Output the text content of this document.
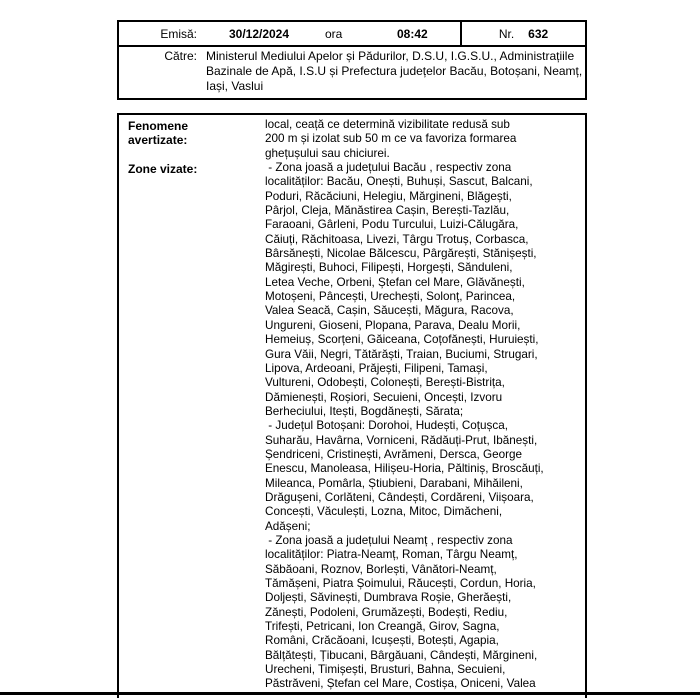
Emisă:	30/12/2024	ora	08:42	Nr. 632
Către: Ministerul Mediului Apelor și Pădurilor, D.S.U, I.G.S.U., Administrațiile Bazinale de Apă, I.S.U și Prefectura județelor Bacău, Botoșani, Neamț, Iași, Vaslui
Fenomene avertizate:
local, ceață ce determină vizibilitate redusă sub
200 m și izolat sub 50 m ce va favoriza formarea
ghețușului sau chiciurei.
Zone vizate:	- Zona joasă a județului Bacău , respectiv zona
localităților: Bacău, Onești, Buhuși, Sascut, Balcani,
Poduri, Răcăciuni, Helegiu, Mărgineni, Blăgești,
Pârjol, Cleja, Mănăstirea Cașin, Berești-Tazlău,
Faraoani, Gârleni, Podu Turcului, Luizi-Călugăra,
Căiuți, Răchitoasa, Livezi, Târgu Trotuș, Corbasca,
Bârsănești, Nicolae Bălcescu, Pârgărești, Stănișești,
Măgirești, Buhoci, Filipești, Horgești, Sănduleni,
Letea Veche, Orbeni, Ștefan cel Mare, Glăvănești,
Motoșeni, Pâncești, Urechești, Solonț, Parincea,
Valea Seacă, Cașin, Săucești, Măgura, Racova,
Ungureni, Gioseni, Plopana, Parava, Dealu Morii,
Hemeiuș, Scorțeni, Găiceana, Coțofănești, Huruiești,
Gura Văii, Negri, Tătărăști, Traian, Buciumi, Strugari,
Lipova, Ardeoani, Prăjești, Filipeni, Tamași,
Vultureni, Odobești, Colonești, Berești-Bistrița,
Dămienești, Roșiori, Secuieni, Oncești, Izvoru
Berheciului, Itești, Bogdănești, Sărata;
- Județul Botoșani: Dorohoi, Hudești, Coțușca,
Suharău, Havârna, Vorniceni, Rădăuți-Prut, Ibănești,
Șendriceni, Cristinești, Avrămeni, Dersca, George
Enescu, Manoleasa, Hilișeu-Horia, Păltiniș, Broscăuți,
Mileanca, Pomârla, Știubieni, Darabani, Mihăileni,
Drăgușeni, Corlăteni, Cândești, Cordăreni, Viișoara,
Concești, Văculești, Lozna, Mitoc, Dimăcheni,
Adășeni;
- Zona joasă a județului Neamț , respectiv zona
localităților: Piatra-Neamț, Roman, Târgu Neamț,
Săbăoani, Roznov, Borlești, Vânători-Neamț,
Tămășeni, Piatra Șoimului, Răucești, Cordun, Horia,
Doljești, Săvinești, Dumbrava Roșie, Gherăești,
Zănești, Podoleni, Grumăzești, Bodești, Rediu,
Trifești, Petricani, Ion Creangă, Girov, Sagna,
Români, Crăcăoani, Icușești, Botești, Agapia,
Bălțătești, Țibucani, Bârgăuani, Cândești, Mărgineni,
Urecheni, Timișești, Brusturi, Bahna, Secuieni,
Păstrăveni, Ștefan cel Mare, Costișa, Oniceni, Valea
